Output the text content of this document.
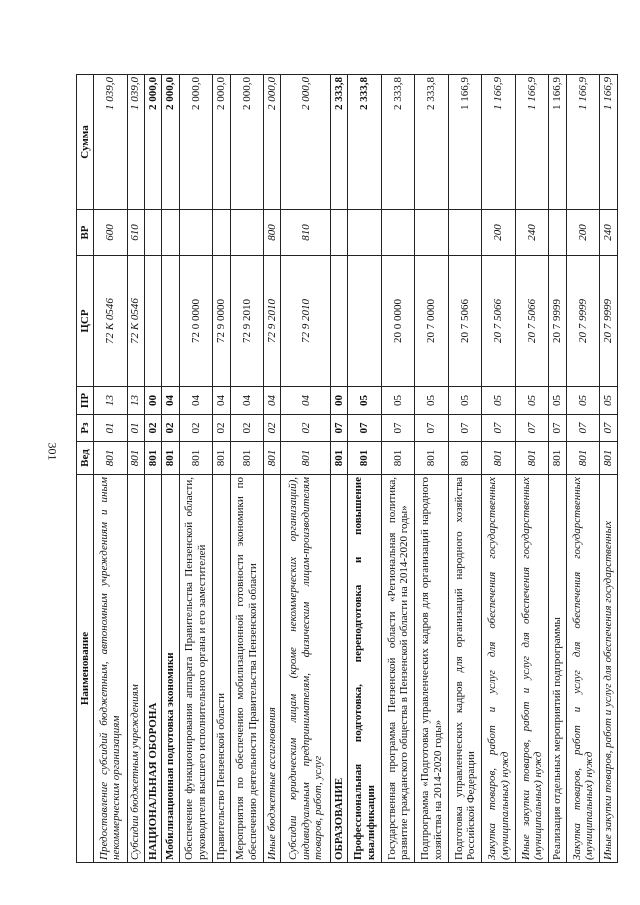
301
Наименование	Вед	Рз	ПР	ЦСР	ВР	Сумма
Предоставление субсидий бюджетным, автономным учреждениям и иным некоммерческим организациям	801	01	13	72 К 0546	600	1 039,0
Субсидии бюджетным учреждениям	801	01	13	72 К 0546	610	1 039,0
НАЦИОНАЛЬНАЯ ОБОРОНА	801	02	00			2 000,0
Мобилизационная подготовка экономики	801	02	04			2 000,0
Обеспечение функционирования аппарата Правительства Пензенской области, руководителя высшего исполнительного органа и его заместителей	801	02	04	72 0 0000		2 000,0
Правительство Пензенской области	801	02	04	72 9 0000		2 000,0
Мероприятия по обеспечению мобилизационной готовности экономики по обеспечению деятельности Правительства Пензенской области	801	02	04	72 9 2010		2 000,0
Иные бюджетные ассигнования	801	02	04	72 9 2010	800	2 000,0
Субсидии юридическим лицам (кроме некоммерческих организаций), индивидуальным предпринимателям, физическим лицам-производителям товаров, работ, услуг	801	02	04	72 9 2010	810	2 000,0
ОБРАЗОВАНИЕ	801	07	00			2 333,8
Профессиональная подготовка, переподготовка и повышение квалификации	801	07	05			2 333,8
Государственная программа Пензенской области «Региональная политика, развитие гражданского общества в Пензенской области на 2014-2020 годы»	801	07	05	20 0 0000		2 333,8
Подпрограмма «Подготовка управленческих кадров для организаций народного хозяйства на 2014-2020 годы»	801	07	05	20 7 0000		2 333,8
Подготовка управленческих кадров для организаций народного хозяйства Российской Федерации	801	07	05	20 7 5066		1 166,9
Закупка товаров, работ и услуг для обеспечения государственных (муниципальных) нужд	801	07	05	20 7 5066	200	1 166,9
Иные закупки товаров, работ и услуг для обеспечения государственных (муниципальных) нужд	801	07	05	20 7 5066	240	1 166,9
Реализация отдельных мероприятий подпрограммы	801	07	05	20 7 9999		1 166,9
Закупка товаров, работ и услуг для обеспечения государственных (муниципальных) нужд	801	07	05	20 7 9999	200	1 166,9
Иные закупки товаров, работ и услуг для обеспечения государственных	801	07	05	20 7 9999	240	1 166,9
